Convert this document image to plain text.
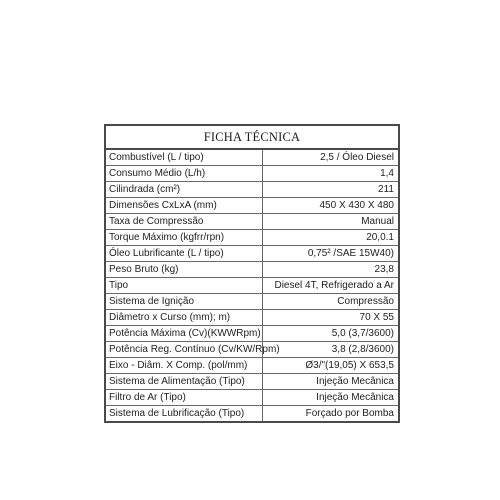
FICHA TÉCNICA
Combustível (L / tipo)	2,5 / Óleo Diesel
Consumo Médio (L/h)	1,4
Cilindrada (cm²)	211
Dimensões CxLxA (mm)	450 X 430 X 480
Taxa de Compressão	Manual
Torque Máximo (kgfrr/rpn)	20,0.1
Óleo Lubrificante (L / tipo)	0,75² /SAE 15W40)
Peso Bruto (kg)	23,8
Tipo	Diesel 4T, Refrigerado a Ar
Sistema de Ignição	Compressão
Diâmetro x Curso (mm); m)	70 X 55
Potência Máxima (Cv)(KWWRpm)	5,0 (3,7/3600)
Potência Reg. Contínuo (Cv/KW/Rpm)	3,8 (2,8/3600)
Eixo - Diâm. X Comp. (pol/mm)	Ø3/"(19,05) X 653,5
Sistema de Alimentação (Tipo)	Injeção Mecânica
Filtro de Ar (Tipo)	Injeção Mecânica
Sistema de Lubrificação (Tipo)	Forçado por Bomba
